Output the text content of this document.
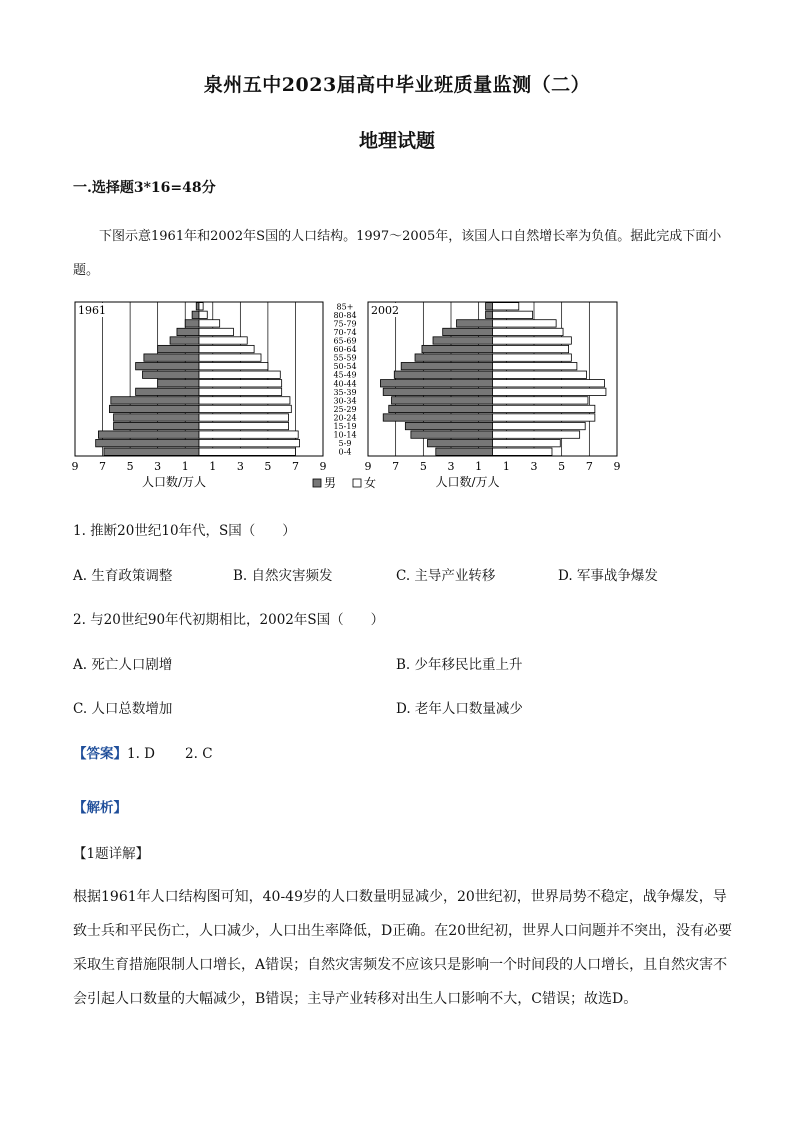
泉州五中2023届高中毕业班质量监测（二）
地理试题
一.选择题3*16=48分
下图示意1961年和2002年S国的人口结构。1997～2005年，该国人口自然增长率为负值。据此完成下面小题。
1961
9 7 5 3 1 1 3 5 7 9
人口数/万人
2002
9 7 5 3 1 1 3 5 7 9
人口数/万人
0-4
5-9
10-14
15-19
20-24
25-29
30-34
35-39
40-44
45-49
50-54
55-59
60-64
65-69
70-74
75-79
80-84
85+
男 女
1. 推断20世纪10年代，S国（　　）
A. 生育政策调整	B. 自然灾害频发	C. 主导产业转移	D. 军事战争爆发
2. 与20世纪90年代初期相比，2002年S国（　　）
A. 死亡人口剧增	B. 少年移民比重上升
C. 人口总数增加	D. 老年人口数量减少
【答案】1. D 2. C
【解析】
【1题详解】
根据1961年人口结构图可知，40-49岁的人口数量明显减少，20世纪初，世界局势不稳定，战争爆发，导致士兵和平民伤亡，人口减少，人口出生率降低，D正确。在20世纪初，世界人口问题并不突出，没有必要采取生育措施限制人口增长，A错误；自然灾害频发不应该只是影响一个时间段的人口增长，且自然灾害不会引起人口数量的大幅减少，B错误；主导产业转移对出生人口影响不大，C错误；故选D。
